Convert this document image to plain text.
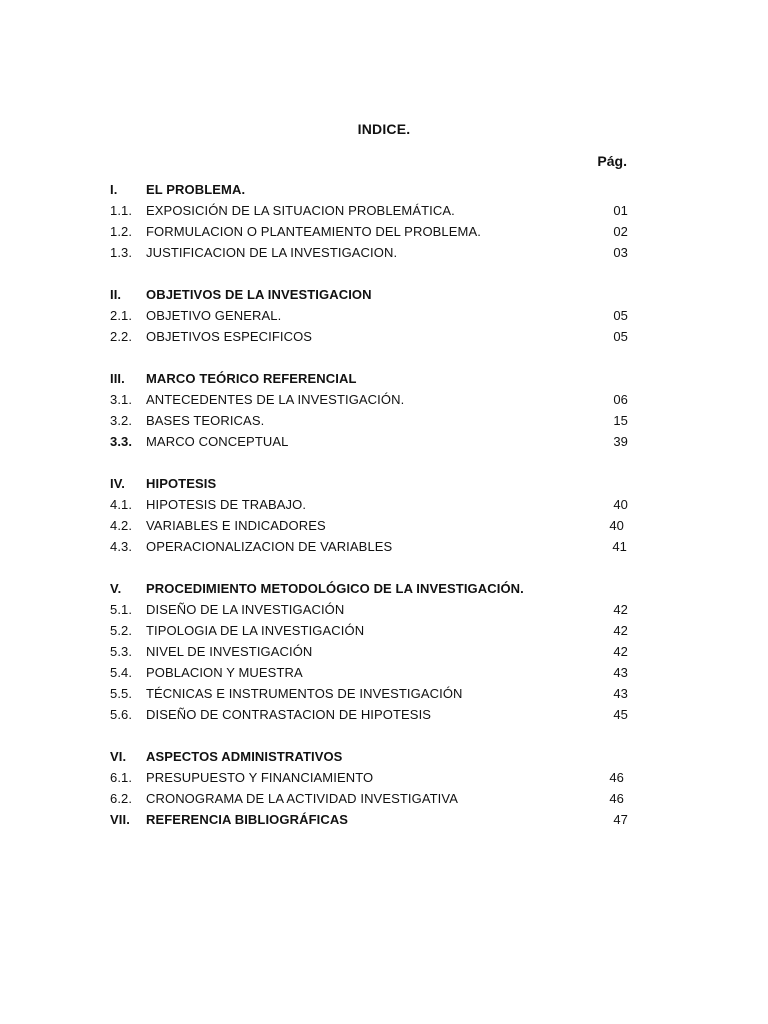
INDICE.
Pág.
I. EL PROBLEMA.
1.1. EXPOSICIÓN DE LA SITUACION PROBLEMÁTICA.	01
1.2. FORMULACION O PLANTEAMIENTO DEL PROBLEMA.	02
1.3. JUSTIFICACION DE LA INVESTIGACION.	03
II. OBJETIVOS DE LA INVESTIGACION
2.1. OBJETIVO GENERAL.	05
2.2. OBJETIVOS ESPECIFICOS	05
III. MARCO TEÓRICO REFERENCIAL
3.1. ANTECEDENTES DE LA INVESTIGACIÓN.	06
3.2. BASES TEORICAS.	15
3.3. MARCO CONCEPTUAL	39
IV. HIPOTESIS
4.1. HIPOTESIS DE TRABAJO.	40
4.2. VARIABLES E INDICADORES	40
4.3. OPERACIONALIZACION DE VARIABLES	41
V. PROCEDIMIENTO METODOLÓGICO DE LA INVESTIGACIÓN.
5.1. DISEÑO DE LA INVESTIGACIÓN	42
5.2. TIPOLOGIA DE LA INVESTIGACIÓN	42
5.3. NIVEL DE INVESTIGACIÓN	42
5.4. POBLACION Y MUESTRA	43
5.5. TÉCNICAS E INSTRUMENTOS DE INVESTIGACIÓN	43
5.6. DISEÑO DE CONTRASTACION DE HIPOTESIS	45
VI. ASPECTOS ADMINISTRATIVOS
6.1. PRESUPUESTO Y FINANCIAMIENTO	46
6.2. CRONOGRAMA DE LA ACTIVIDAD INVESTIGATIVA	46
VII. REFERENCIA BIBLIOGRÁFICAS	47
